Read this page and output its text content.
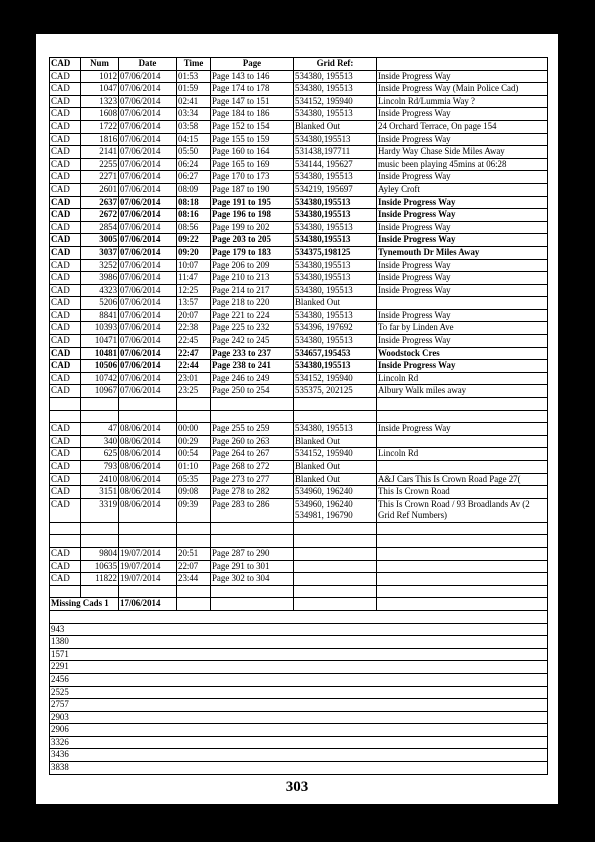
CAD	Num	Date	Time	Page	Grid Ref:	
CAD	1012	07/06/2014	01:53	Page 143 to 146	534380, 195513	Inside Progress Way
CAD	1047	07/06/2014	01:59	Page 174 to 178	534380, 195513	Inside Progress Way (Main Police Cad)
CAD	1323	07/06/2014	02:41	Page 147 to 151	534152, 195940	Lincoln Rd/Lummia Way ?
CAD	1608	07/06/2014	03:34	Page 184 to 186	534380, 195513	Inside Progress Way
CAD	1722	07/06/2014	03:58	Page 152 to 154	Blanked Out	24 Orchard Terrace, On page 154
CAD	1816	07/06/2014	04:15	Page 155 to 159	534380,195513	Inside Progress Way
CAD	2141	07/06/2014	05:50	Page 160 to 164	531438,197711	Hardy Way Chase Side Miles Away
CAD	2255	07/06/2014	06:24	Page 165 to 169	534144, 195627	music been playing 45mins at 06:28
CAD	2271	07/06/2014	06:27	Page 170 to 173	534380, 195513	Inside Progress Way
CAD	2601	07/06/2014	08:09	Page 187 to 190	534219, 195697	Ayley Croft
CAD	2637	07/06/2014	08:18	Page 191 to 195	534380,195513	Inside Progress Way
CAD	2672	07/06/2014	08:16	Page 196 to 198	534380,195513	Inside Progress Way
CAD	2854	07/06/2014	08:56	Page 199 to 202	534380, 195513	Inside Progress Way
CAD	3005	07/06/2014	09:22	Page 203 to 205	534380,195513	Inside Progress Way
CAD	3037	07/06/2014	09:20	Page 179 to 183	534375,198125	Tynemouth Dr Miles Away
CAD	3252	07/06/2014	10:07	Page 206 to 209	534380,195513	Inside Progress Way
CAD	3986	07/06/2014	11:47	Page 210 to 213	534380,195513	Inside Progress Way
CAD	4323	07/06/2014	12:25	Page 214 to 217	534380, 195513	Inside Progress Way
CAD	5206	07/06/2014	13:57	Page 218 to 220	Blanked Out	
CAD	8841	07/06/2014	20:07	Page 221 to 224	534380, 195513	Inside Progress Way
CAD	10393	07/06/2014	22:38	Page 225 to 232	534396, 197692	To far by Linden Ave
CAD	10471	07/06/2014	22:45	Page 242 to 245	534380, 195513	Inside Progress Way
CAD	10481	07/06/2014	22:47	Page 233 to 237	534657,195453	Woodstock Cres
CAD	10506	07/06/2014	22:44	Page 238 to 241	534380,195513	Inside Progress Way
CAD	10742	07/06/2014	23:01	Page 246 to 249	534152, 195940	Lincoln Rd
CAD	10967	07/06/2014	23:25	Page 250 to 254	535375, 202125	Albury Walk miles away

CAD	47	08/06/2014	00:00	Page 255 to 259	534380, 195513	Inside Progress Way
CAD	340	08/06/2014	00:29	Page 260 to 263	Blanked Out	
CAD	625	08/06/2014	00:54	Page 264 to 267	534152, 195940	Lincoln Rd
CAD	793	08/06/2014	01:10	Page 268 to 272	Blanked Out	
CAD	2410	08/06/2014	05:35	Page 273 to 277	Blanked Out	A&J Cars This Is Crown Road Page 27(
CAD	3151	08/06/2014	09:08	Page 278 to 282	534960, 196240	This Is Crown Road
CAD	3319	08/06/2014	09:39	Page 283 to 286	534960, 196240 534981, 196790	This Is Crown Road / 93 Broadlands Av (2 Grid Ref Numbers)

CAD	9804	19/07/2014	20:51	Page 287 to 290		
CAD	10635	19/07/2014	22:07	Page 291 to 301		
CAD	11822	19/07/2014	23:44	Page 302 to 304		

Missing Cads 1		17/06/2014				

943						
1380						
1571						
2291						
2456						
2525						
2757						
2903						
2906						
3326						
3436						
3838						
303
